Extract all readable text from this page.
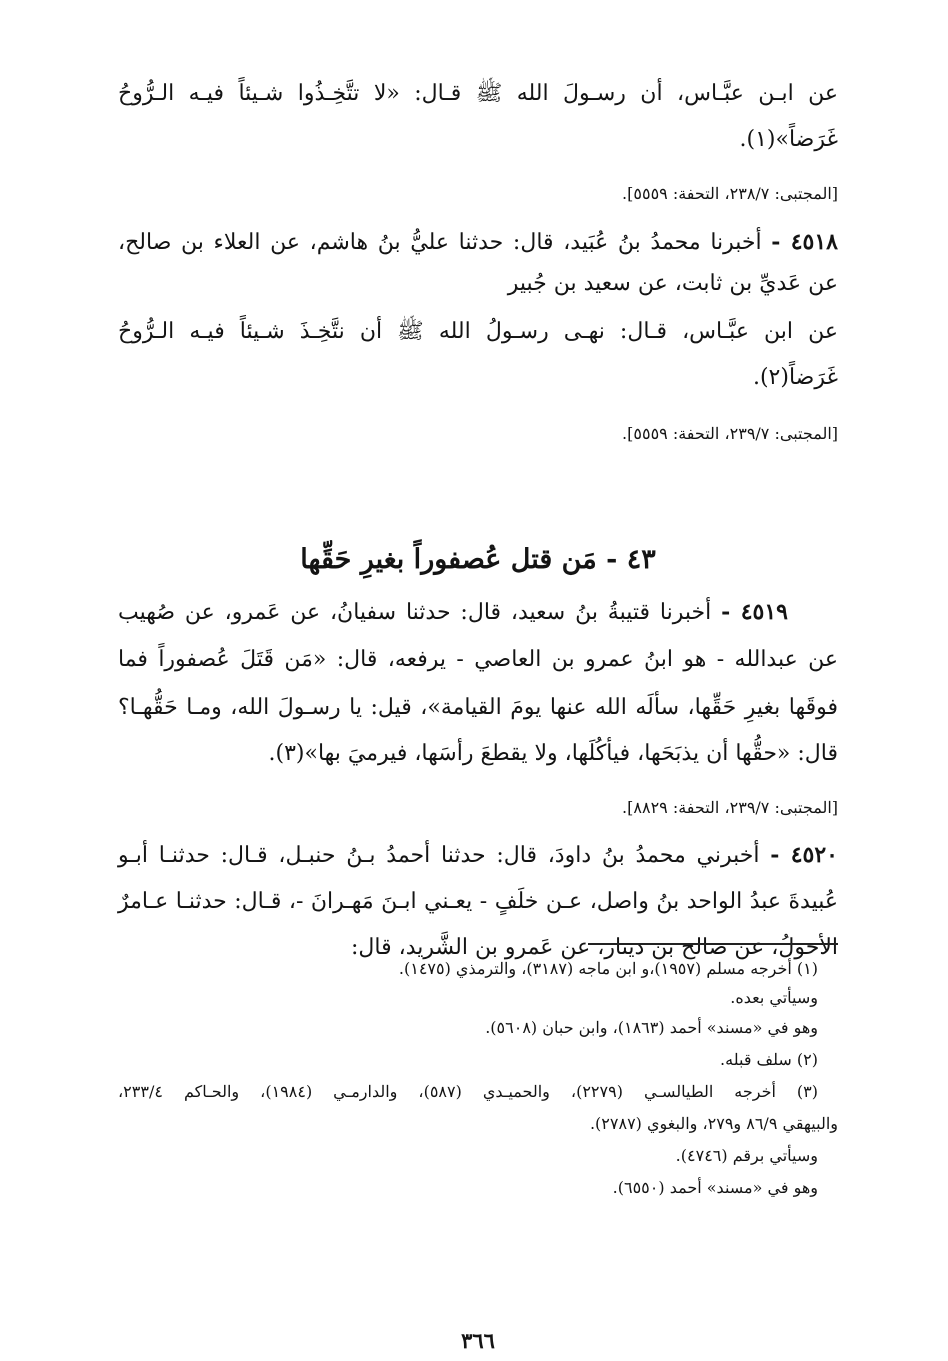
عن ابـن عبَّـاس، أن رسـولَ الله ﷺ قـال: «لا تتَّخِـذُوا شـيئاً فيـه الـرُّوحُ
غَرَضاً»(١).
[المجتبى: ٢٣٨/٧، التحفة: ٥٥٥٩].
٤٥١٨ - أخبرنا محمدُ بنُ عُبَيد، قال: حدثنا عليُّ بنُ هاشم، عن العلاء بن صالح،
عن عَديِّ بن ثابت، عن سعيد بن جُبير
عن ابن عبَّـاس، قـال: نهـى رسـولُ الله ﷺ أن نتَّخِـذَ شـيئاً فيـه الـرُّوحُ
غَرَضاً(٢).
[المجتبى: ٢٣٩/٧، التحفة: ٥٥٥٩].
٤٣ - مَن قتل عُصفوراً بغيرِ حَقِّها
٤٥١٩ - أخبرنا قتيبةُ بنُ سعيد، قال: حدثنا سفيانُ، عن عَمرو، عن صُهيب
عن عبدالله - هو ابنُ عمرو بن العاصي - يرفعه، قال: «مَن قَتَلَ عُصفوراً فما
فوقَها بغيرِ حَقِّها، سألَه الله عنها يومَ القيامة»، قيل: يا رسـولَ الله، ومـا حَقُّهـا؟
قال: «حقُّها أن يذبَحَها، فيأكُلَها، ولا يقطعَ رأسَها، فيرميَ بها»(٣).
[المجتبى: ٢٣٩/٧، التحفة: ٨٨٢٩].
٤٥٢٠ - أخبرني محمدُ بنُ داودَ، قال: حدثنا أحمدُ بـنُ حنبـل، قـال: حدثنـا أبـو
عُبيدةَ عبدُ الواحد بنُ واصل، عـن خلَفٍ - يعـني ابـنَ مَهـرانَ -، قـال: حدثنـا عـامرٌ
الأحولُ، عن صالح بن دينار، عن عَمرو بن الشَّريد، قال:
(١) أخرجه مسلم (١٩٥٧)،و ابن ماجه (٣١٨٧)، والترمذي (١٤٧٥).
وسيأتي بعده.
وهو في «مسند» أحمد (١٨٦٣)، وابن حبان (٥٦٠٨).
(٢) سلف قبله.
(٣) أخرجه الطيالسـي (٢٢٧٩)، والحميـدي (٥٨٧)، والدارمـي (١٩٨٤)، والحـاكم ٢٣٣/٤،
والبيهقي ٨٦/٩ و٢٧٩، والبغوي (٢٧٨٧).
وسيأتي برقم (٤٧٤٦).
وهو في «مسند» أحمد (٦٥٥٠).
٣٦٦
